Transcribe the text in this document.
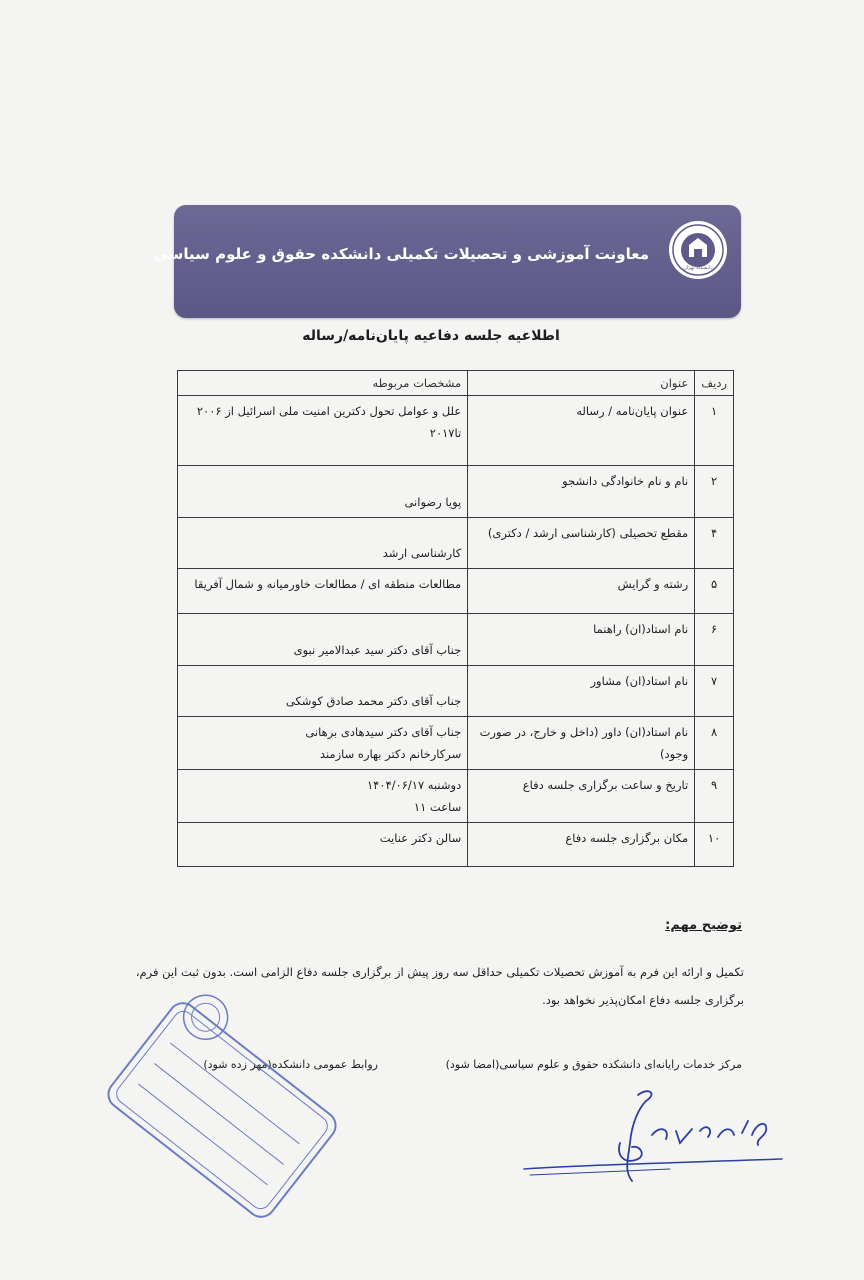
معاونت آموزشی و تحصیلات تکمیلی دانشکده حقوق و علوم سیاسی
دانشگاه تهران
اطلاعیه جلسه دفاعیه پایان‌نامه/رساله
ردیف	عنوان	مشخصات مربوطه
۱	عنوان پایان‌نامه / رساله	علل و عوامل تحول دکترین امنیت ملی اسرائیل از ۲۰۰۶
تا۲۰۱۷

۲	نام و نام خانوادگی دانشجو	پویا رضوانی
۴	مقطع تحصیلی (کارشناسی ارشد / دکتری)	کارشناسی ارشد
۵	رشته و گرایش	مطالعات منطقه ای / مطالعات خاورمیانه و شمال آفریقا
۶	نام استاد(ان) راهنما	جناب آقای دکتر سید عبدالامیر نبوی
۷	نام استاد(ان) مشاور	جناب آقای دکتر محمد صادق کوشکی
۸	نام استاد(ان) داور (داخل و خارج، در صورت وجود)	جناب آقای دکتر سیدهادی برهانی
سرکارخانم دکتر بهاره سازمند

۹	تاریخ و ساعت برگزاری جلسه دفاع	دوشنبه ۱۴۰۴/۰۶/۱۷
ساعت ۱۱

۱۰	مکان برگزاری جلسه دفاع	سالن دکتر عنایت
توضیح مهم:
تکمیل و ارائه این فرم به آموزش تحصیلات تکمیلی حداقل سه روز پیش از برگزاری جلسه دفاع الزامی است. بدون ثبت این فرم، برگزاری جلسه دفاع امکان‌پذیر نخواهد بود.
مرکز خدمات رایانه‌ای دانشکده حقوق و علوم سیاسی(امضا شود)
روابط عمومی دانشکده(مهر زده شود)
